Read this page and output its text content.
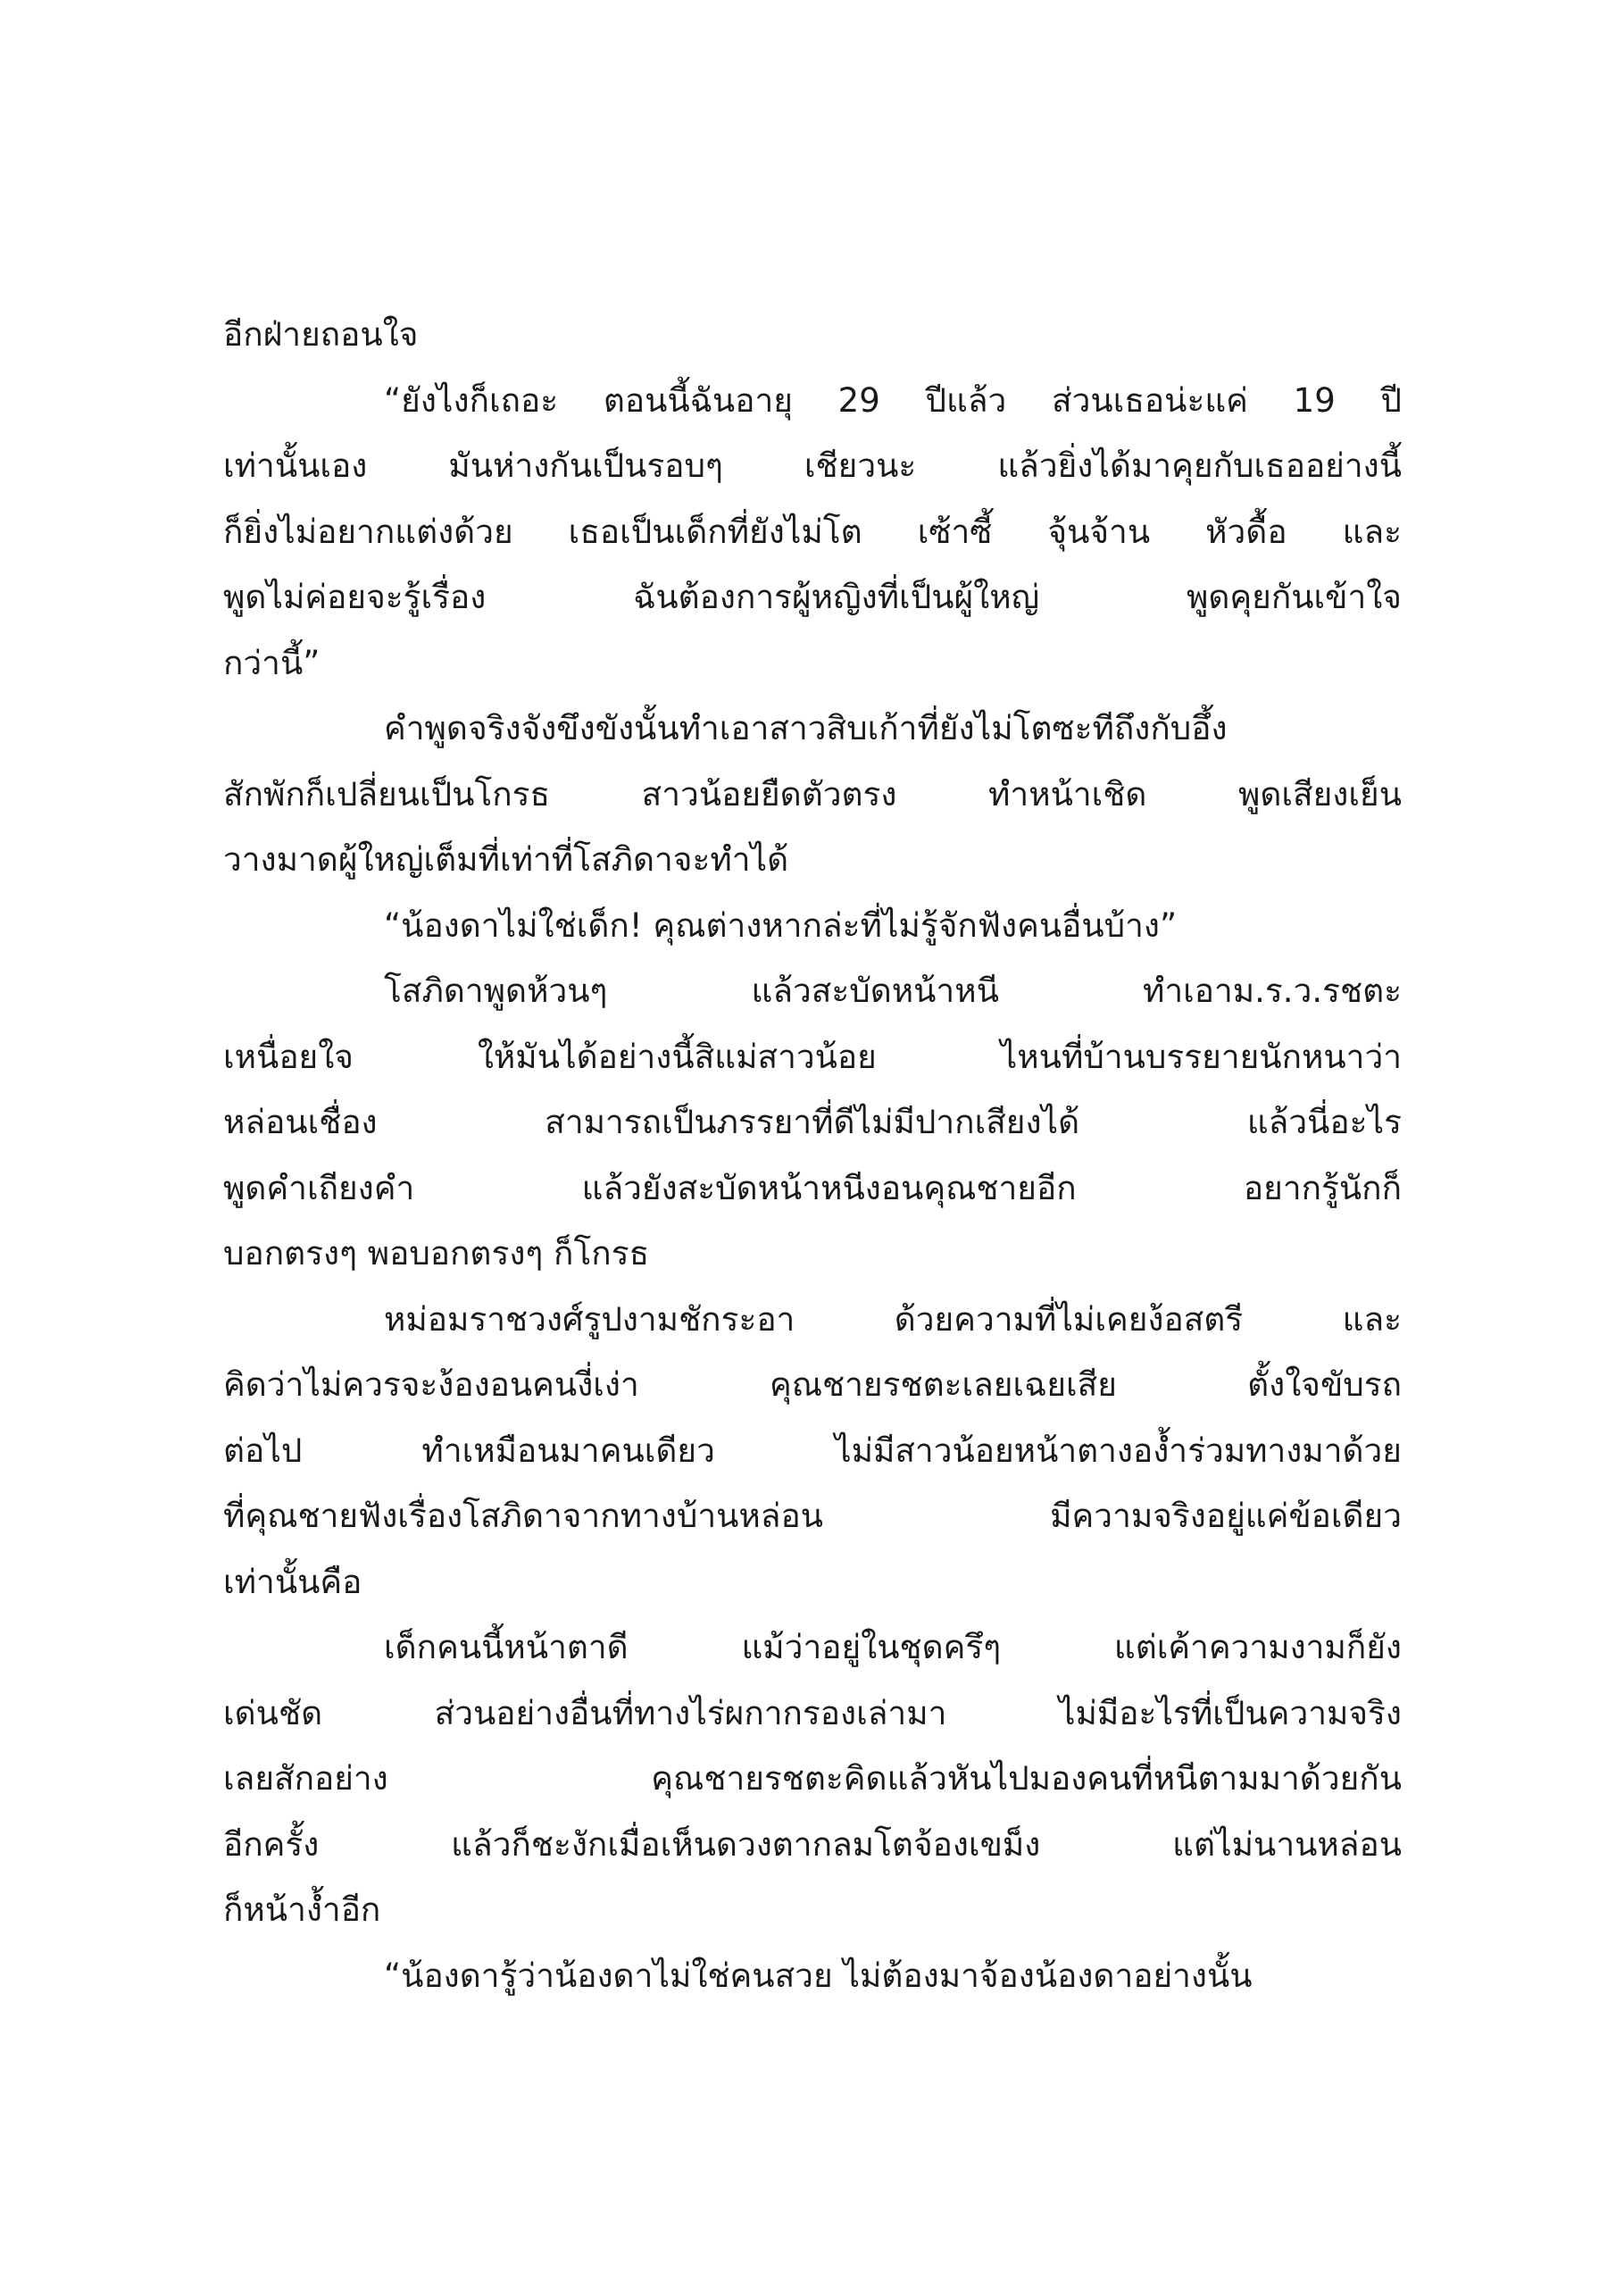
อีกฝ่ายถอนใจ
“ยังไงก็เถอะ ตอนนี้ฉันอายุ 29 ปีแล้ว ส่วนเธอน่ะแค่ 19 ปี
เท่านั้นเอง มันห่างกันเป็นรอบๆ เชียวนะ แล้วยิ่งได้มาคุยกับเธออย่างนี้
ก็ยิ่งไม่อยากแต่งด้วย เธอเป็นเด็กที่ยังไม่โต เซ้าซี้ จุ้นจ้าน หัวดื้อ และ
พูดไม่ค่อยจะรู้เรื่อง ฉันต้องการผู้หญิงที่เป็นผู้ใหญ่ พูดคุยกันเข้าใจ
กว่านี้”
คำพูดจริงจังขึงขังนั้นทำเอาสาวสิบเก้าที่ยังไม่โตซะทีถึงกับอึ้ง
สักพักก็เปลี่ยนเป็นโกรธ สาวน้อยยืดตัวตรง ทำหน้าเชิด พูดเสียงเย็น
วางมาดผู้ใหญ่เต็มที่เท่าที่โสภิดาจะทำได้
“น้องดาไม่ใช่เด็ก! คุณต่างหากล่ะที่ไม่รู้จักฟังคนอื่นบ้าง”
โสภิดาพูดห้วนๆ แล้วสะบัดหน้าหนี ทำเอาม.ร.ว.รชตะ
เหนื่อยใจ ให้มันได้อย่างนี้สิแม่สาวน้อย ไหนที่บ้านบรรยายนักหนาว่า
หล่อนเชื่อง สามารถเป็นภรรยาที่ดีไม่มีปากเสียงได้ แล้วนี่อะไร
พูดคำเถียงคำ แล้วยังสะบัดหน้าหนีงอนคุณชายอีก อยากรู้นักก็
บอกตรงๆ พอบอกตรงๆ ก็โกรธ
หม่อมราชวงศ์รูปงามชักระอา ด้วยความที่ไม่เคยง้อสตรี และ
คิดว่าไม่ควรจะง้องอนคนงี่เง่า คุณชายรชตะเลยเฉยเสีย ตั้งใจขับรถ
ต่อไป ทำเหมือนมาคนเดียว ไม่มีสาวน้อยหน้าตางอง้ำร่วมทางมาด้วย
ที่คุณชายฟังเรื่องโสภิดาจากทางบ้านหล่อน มีความจริงอยู่แค่ข้อเดียว
เท่านั้นคือ
เด็กคนนี้หน้าตาดี แม้ว่าอยู่ในชุดครึๆ แต่เค้าความงามก็ยัง
เด่นชัด ส่วนอย่างอื่นที่ทางไร่ผกากรองเล่ามา ไม่มีอะไรที่เป็นความจริง
เลยสักอย่าง คุณชายรชตะคิดแล้วหันไปมองคนที่หนีตามมาด้วยกัน
อีกครั้ง แล้วก็ชะงักเมื่อเห็นดวงตากลมโตจ้องเขม็ง แต่ไม่นานหล่อน
ก็หน้างํ้าอีก
“น้องดารู้ว่าน้องดาไม่ใช่คนสวย ไม่ต้องมาจ้องน้องดาอย่างนั้น
